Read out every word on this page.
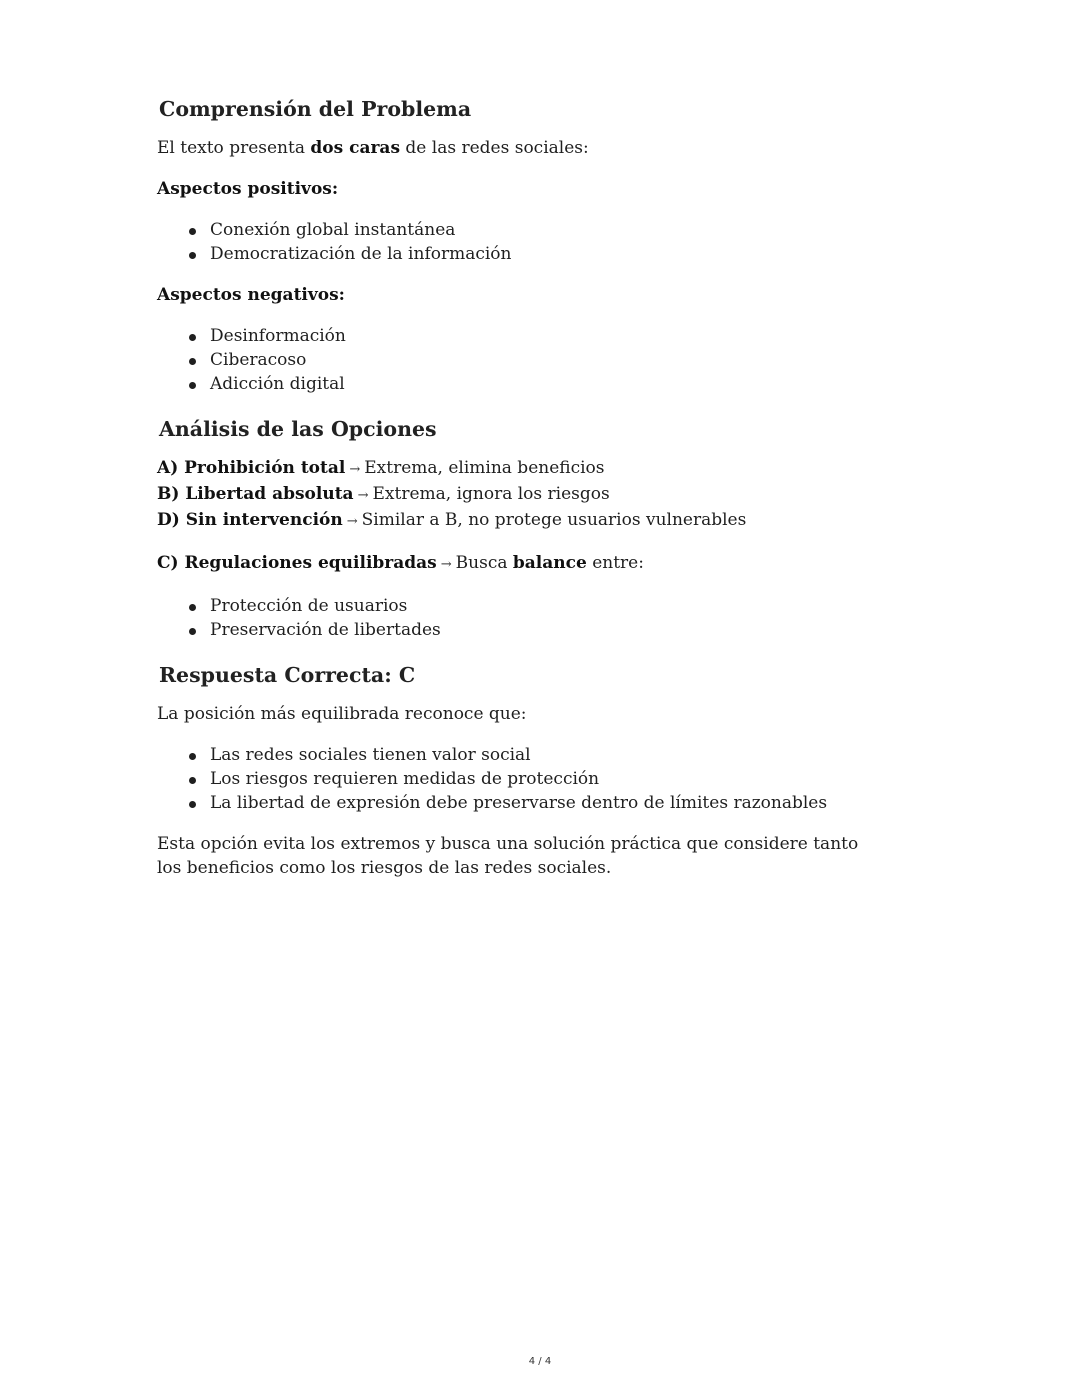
Comprensión del Problema

El texto presenta dos caras de las redes sociales:

Aspectos positivos:

Conexión global instantánea
Democratización de la información

Aspectos negativos:

Desinformación
Ciberacoso
Adicción digital
Análisis de las Opciones

A) Prohibición total → Extrema, elimina beneficios

B) Libertad absoluta → Extrema, ignora los riesgos

D) Sin intervención → Similar a B, no protege usuarios vulnerables

C) Regulaciones equilibradas → Busca balance entre:

Protección de usuarios
Preservación de libertades
Respuesta Correcta: C

La posición más equilibrada reconoce que:

Las redes sociales tienen valor social
Los riesgos requieren medidas de protección
La libertad de expresión debe preservarse dentro de límites razonables

Esta opción evita los extremos y busca una solución práctica que considere tanto los beneficios como los riesgos de las redes sociales.

4 / 4
